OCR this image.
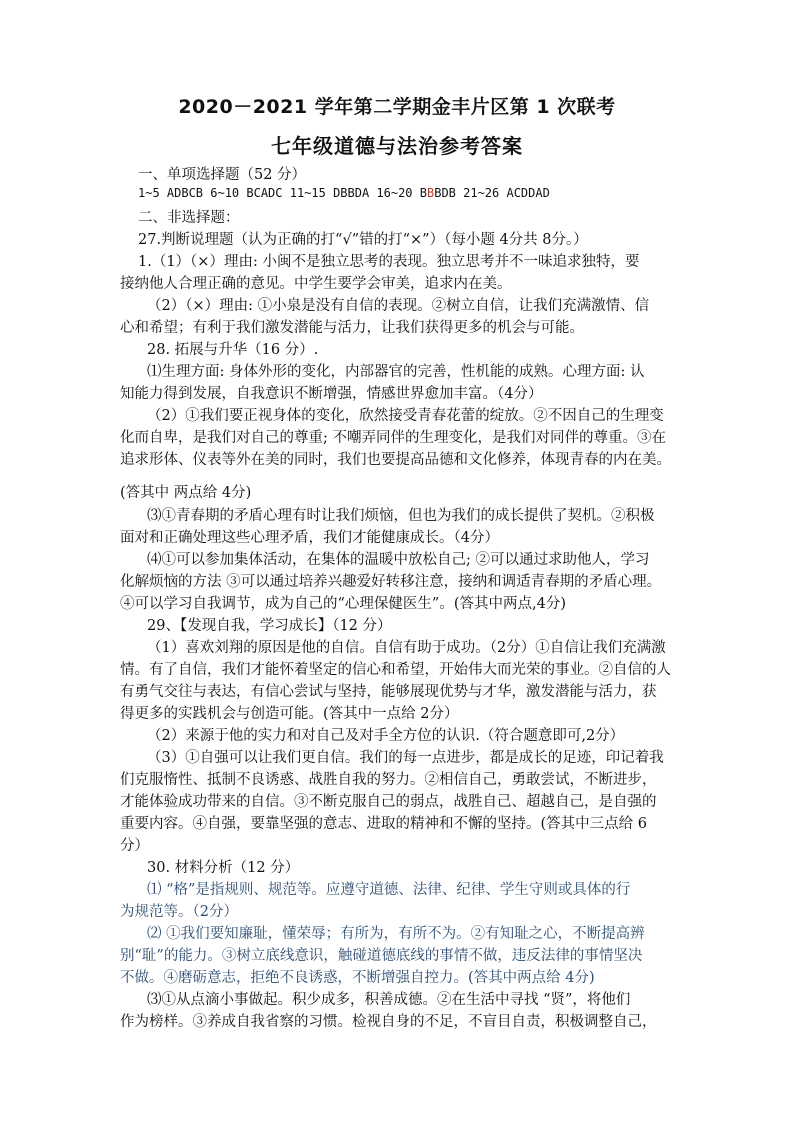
2020－2021 学年第二学期金丰片区第 1 次联考
七年级道德与法治参考答案
一、单项选择题（52 分）
1~5 ADBCB 6~10 BCADC 11~15 DBBDA 16~20 BBBDB 21~26 ACDDAD
二、非选择题：
27.判断说理题（认为正确的打“√”错的打“×”）（每小题 4分共 8分。）
1.（1）（×）理由: 小闽不是独立思考的表现。独立思考并不一味追求独特，要
接纳他人合理正确的意见。中学生要学会审美，追求内在美。
（2）（×）理由: ①小泉是没有自信的表现。②树立自信，让我们充满激情、信
心和希望；有利于我们激发潜能与活力，让我们获得更多的机会与可能。
28. 拓展与升华（16 分）.
⑴生理方面: 身体外形的变化，内部器官的完善，性机能的成熟。心理方面: 认
知能力得到发展，自我意识不断增强，情感世界愈加丰富。（4分）
（2）①我们要正视身体的变化，欣然接受青春花蕾的绽放。②不因自己的生理变
化而自卑，是我们对自己的尊重; 不嘲弄同伴的生理变化，是我们对同伴的尊重。③在
追求形体、仪表等外在美的同时，我们也要提高品德和文化修养，体现青春的内在美。
(答其中 两点给 4分)
⑶①青春期的矛盾心理有时让我们烦恼，但也为我们的成长提供了契机。②积极
面对和正确处理这些心理矛盾，我们才能健康成长。（4分）
⑷①可以参加集体活动，在集体的温暖中放松自己; ②可以通过求助他人，学习
化解烦恼的方法 ③可以通过培养兴趣爱好转移注意，接纳和调适青春期的矛盾心理。
④可以学习自我调节，成为自己的“心理保健医生”。(答其中两点,4分)
29、【发现自我，学习成长】（12 分）
（1）喜欢刘翔的原因是他的自信。自信有助于成功。（2分）①自信让我们充满激
情。有了自信，我们才能怀着坚定的信心和希望，开始伟大而光荣的事业。②自信的人
有勇气交往与表达，有信心尝试与坚持，能够展现优势与才华，激发潜能与活力，获
得更多的实践机会与创造可能。(答其中一点给 2分）
（2）来源于他的实力和对自己及对手全方位的认识.（符合题意即可,2分）
（3）①自强可以让我们更自信。我们的每一点进步，都是成长的足迹，印记着我
们克服惰性、抵制不良诱惑、战胜自我的努力。②相信自己，勇敢尝试，不断进步，
才能体验成功带来的自信。③不断克服自己的弱点，战胜自己、超越自己，是自强的
重要内容。④自强，要靠坚强的意志、进取的精神和不懈的坚持。(答其中三点给 6
分）
30. 材料分析（12 分）
⑴ “格”是指规则、规范等。应遵守道德、法律、纪律、学生守则或具体的行
为规范等。（2分）
⑵ ①我们要知廉耻，懂荣辱；有所为，有所不为。②有知耻之心，不断提高辨
别“耻”的能力。③树立底线意识，触碰道德底线的事情不做，违反法律的事情坚决
不做。④磨砺意志，拒绝不良诱惑，不断增强自控力。(答其中两点给 4分)
⑶①从点滴小事做起。积少成多，积善成德。②在生活中寻找 “贤”，将他们
作为榜样。③养成自我省察的习惯。检视自身的不足，不盲目自责，积极调整自己，
